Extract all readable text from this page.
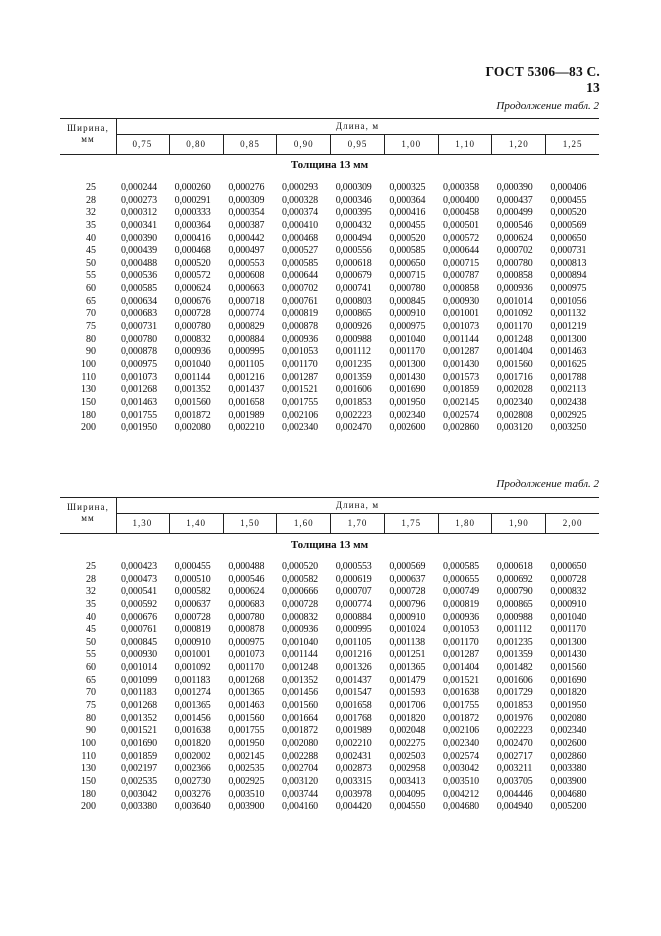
ГОСТ 5306—83 С. 13
Продолжение табл. 2
Ширина,
мм
Длина, м
0,75	0,80	0,85	0,90	0,95	1,00	1,10	1,20	1,25
Толщина 13 мм
25	0,000244	0,000260	0,000276	0,000293	0,000309	0,000325	0,000358	0,000390	0,000406
28	0,000273	0,000291	0,000309	0,000328	0,000346	0,000364	0,000400	0,000437	0,000455
32	0,000312	0,000333	0,000354	0,000374	0,000395	0,000416	0,000458	0,000499	0,000520
35	0,000341	0,000364	0,000387	0,000410	0,000432	0,000455	0,000501	0,000546	0,000569
40	0,000390	0,000416	0,000442	0,000468	0,000494	0,000520	0,000572	0,000624	0,000650
45	0,000439	0,000468	0,000497	0,000527	0,000556	0,000585	0,000644	0,000702	0,000731
50	0,000488	0,000520	0,000553	0,000585	0,000618	0,000650	0,000715	0,000780	0,000813
55	0,000536	0,000572	0,000608	0,000644	0,000679	0,000715	0,000787	0,000858	0,000894
60	0,000585	0,000624	0,000663	0,000702	0,000741	0,000780	0,000858	0,000936	0,000975
65	0,000634	0,000676	0,000718	0,000761	0,000803	0,000845	0,000930	0,001014	0,001056
70	0,000683	0,000728	0,000774	0,000819	0,000865	0,000910	0,001001	0,001092	0,001132
75	0,000731	0,000780	0,000829	0,000878	0,000926	0,000975	0,001073	0,001170	0,001219
80	0,000780	0,000832	0,000884	0,000936	0,000988	0,001040	0,001144	0,001248	0,001300
90	0,000878	0,000936	0,000995	0,001053	0,001112	0,001170	0,001287	0,001404	0,001463
100	0,000975	0,001040	0,001105	0,001170	0,001235	0,001300	0,001430	0,001560	0,001625
110	0,001073	0,001144	0,001216	0,001287	0,001359	0,001430	0,001573	0,001716	0,001788
130	0,001268	0,001352	0,001437	0,001521	0,001606	0,001690	0,001859	0,002028	0,002113
150	0,001463	0,001560	0,001658	0,001755	0,001853	0,001950	0,002145	0,002340	0,002438
180	0,001755	0,001872	0,001989	0,002106	0,002223	0,002340	0,002574	0,002808	0,002925
200	0,001950	0,002080	0,002210	0,002340	0,002470	0,002600	0,002860	0,003120	0,003250
Продолжение табл. 2
Ширина,
мм
Длина, м
1,30	1,40	1,50	1,60	1,70	1,75	1,80	1,90	2,00
Толщина 13 мм
25	0,000423	0,000455	0,000488	0,000520	0,000553	0,000569	0,000585	0,000618	0,000650
28	0,000473	0,000510	0,000546	0,000582	0,000619	0,000637	0,000655	0,000692	0,000728
32	0,000541	0,000582	0,000624	0,000666	0,000707	0,000728	0,000749	0,000790	0,000832
35	0,000592	0,000637	0,000683	0,000728	0,000774	0,000796	0,000819	0,000865	0,000910
40	0,000676	0,000728	0,000780	0,000832	0,000884	0,000910	0,000936	0,000988	0,001040
45	0,000761	0,000819	0,000878	0,000936	0,000995	0,001024	0,001053	0,001112	0,001170
50	0,000845	0,000910	0,000975	0,001040	0,001105	0,001138	0,001170	0,001235	0,001300
55	0,000930	0,001001	0,001073	0,001144	0,001216	0,001251	0,001287	0,001359	0,001430
60	0,001014	0,001092	0,001170	0,001248	0,001326	0,001365	0,001404	0,001482	0,001560
65	0,001099	0,001183	0,001268	0,001352	0,001437	0,001479	0,001521	0,001606	0,001690
70	0,001183	0,001274	0,001365	0,001456	0,001547	0,001593	0,001638	0,001729	0,001820
75	0,001268	0,001365	0,001463	0,001560	0,001658	0,001706	0,001755	0,001853	0,001950
80	0,001352	0,001456	0,001560	0,001664	0,001768	0,001820	0,001872	0,001976	0,002080
90	0,001521	0,001638	0,001755	0,001872	0,001989	0,002048	0,002106	0,002223	0,002340
100	0,001690	0,001820	0,001950	0,002080	0,002210	0,002275	0,002340	0,002470	0,002600
110	0,001859	0,002002	0,002145	0,002288	0,002431	0,002503	0,002574	0,002717	0,002860
130	0,002197	0,002366	0,002535	0,002704	0,002873	0,002958	0,003042	0,003211	0,003380
150	0,002535	0,002730	0,002925	0,003120	0,003315	0,003413	0,003510	0,003705	0,003900
180	0,003042	0,003276	0,003510	0,003744	0,003978	0,004095	0,004212	0,004446	0,004680
200	0,003380	0,003640	0,003900	0,004160	0,004420	0,004550	0,004680	0,004940	0,005200
